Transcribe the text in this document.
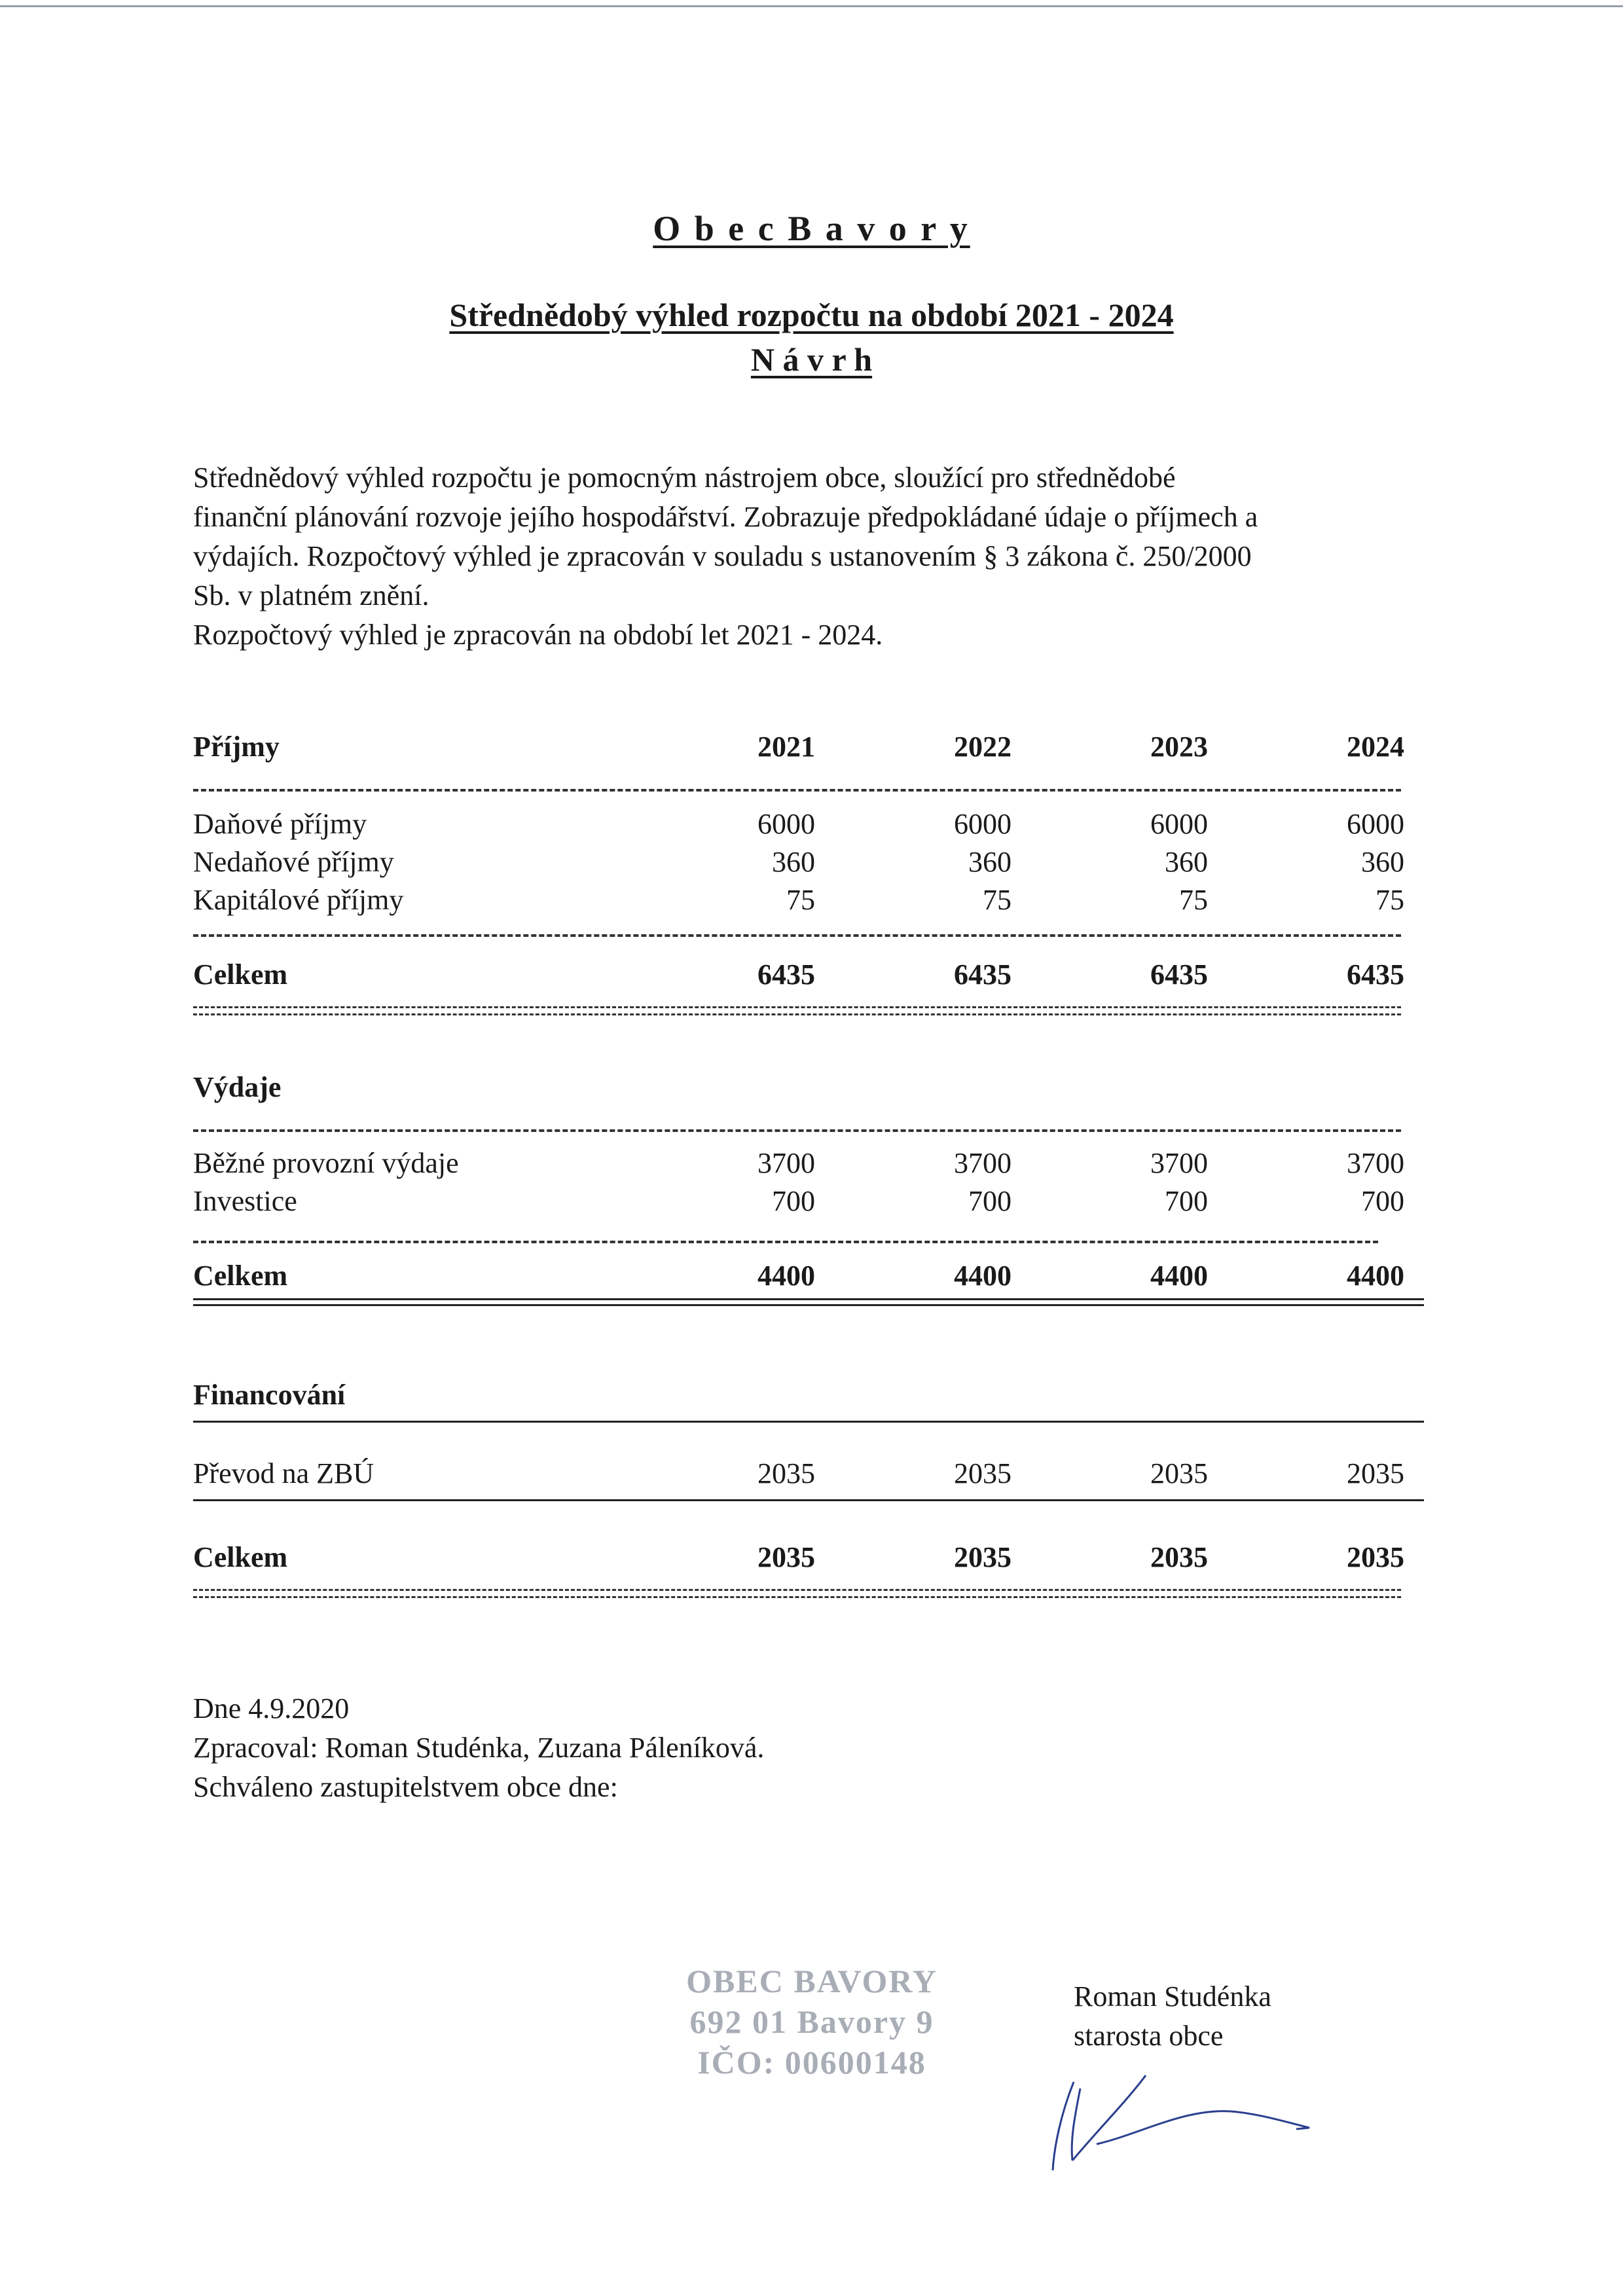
O b e c B a v o r y
Střednědobý výhled rozpočtu na období 2021 - 2024
N á v r h

Střednědový výhled rozpočtu je pomocným nástrojem obce, sloužící pro střednědobé

finanční plánování rozvoje jejího hospodářství. Zobrazuje předpokládané údaje o příjmech a

výdajích. Rozpočtový výhled je zpracován v souladu s ustanovením § 3 zákona č. 250/2000

Sb. v platném znění.

Rozpočtový výhled je zpracován na období let 2021 - 2024.

Příjmy	2021	2022	2023	2024
Daňové příjmy	6000	6000	6000	6000
Nedaňové příjmy	360	360	360	360
Kapitálové příjmy	75	75	75	75
Celkem	6435	6435	6435	6435
Výdaje
Běžné provozní výdaje	3700	3700	3700	3700
Investice	700	700	700	700
Celkem	4400	4400	4400	4400
Financování
Převod na ZBÚ	2035	2035	2035	2035
Celkem	2035	2035	2035	2035

Dne 4.9.2020

Zpracoval: Roman Studénka, Zuzana Páleníková.

Schváleno zastupitelstvem obce dne:

OBEC BAVORY
692 01 Bavory 9
IČO: 00600148

Roman Studénka

starosta obce
